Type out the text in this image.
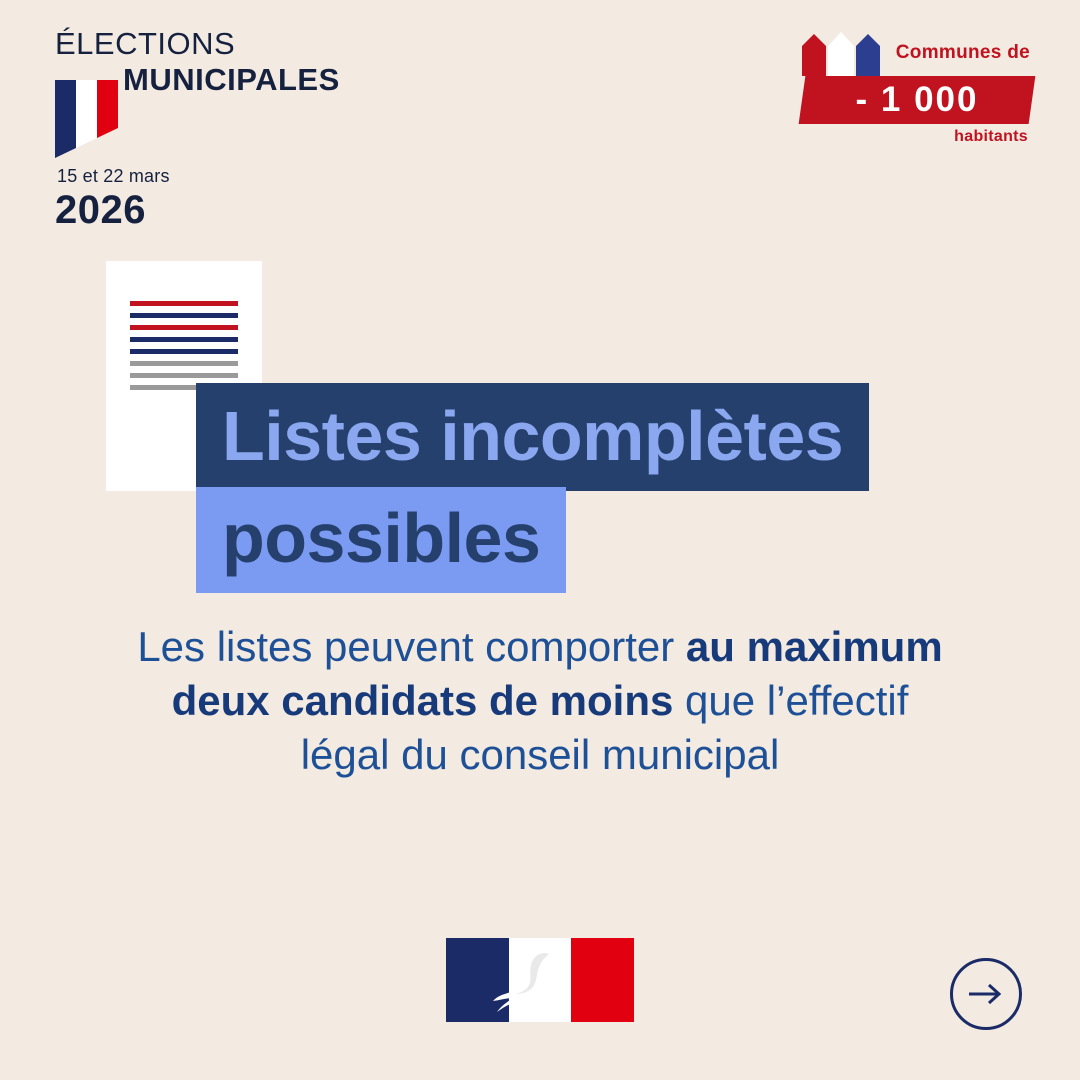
ÉLECTIONS
MUNICIPALES
15 et 22 mars
2026
Communes de
- 1 000
habitants
Listes incomplètes
possibles
Les listes peuvent comporter au maximum deux candidats de moins que l’effectif légal du conseil municipal
